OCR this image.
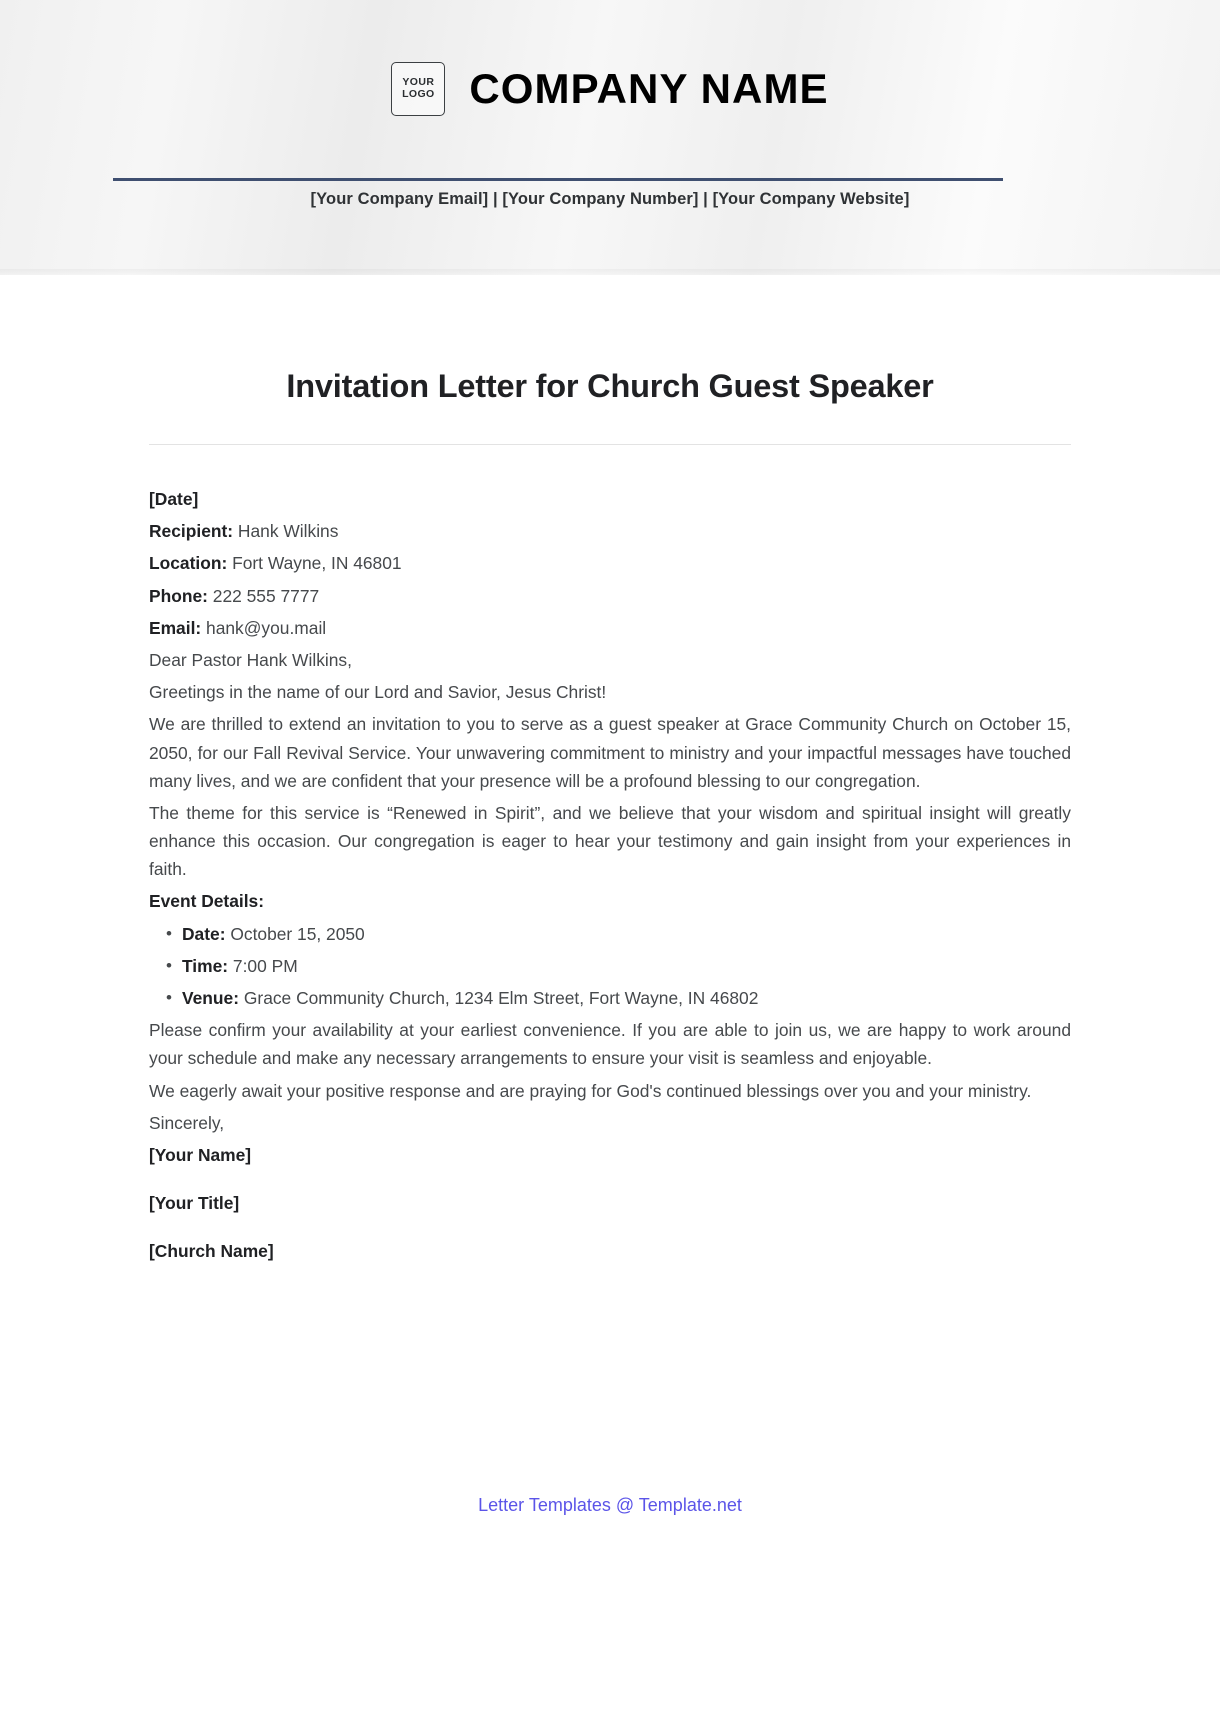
YOUR
LOGO COMPANY NAME
[Your Company Email] | [Your Company Number] | [Your Company Website]
Invitation Letter for Church Guest Speaker
[Date]
Recipient: Hank Wilkins
Location: Fort Wayne, IN 46801
Phone: 222 555 7777
Email: hank@you.mail

Dear Pastor Hank Wilkins,

Greetings in the name of our Lord and Savior, Jesus Christ!

We are thrilled to extend an invitation to you to serve as a guest speaker at Grace Community Church on October 15, 2050, for our Fall Revival Service. Your unwavering commitment to ministry and your impactful messages have touched many lives, and we are confident that your presence will be a profound blessing to our congregation.

The theme for this service is “Renewed in Spirit”, and we believe that your wisdom and spiritual insight will greatly enhance this occasion. Our congregation is eager to hear your testimony and gain insight from your experiences in faith.

Event Details:
• Date: October 15, 2050
• Time: 7:00 PM
• Venue: Grace Community Church, 1234 Elm Street, Fort Wayne, IN 46802

Please confirm your availability at your earliest convenience. If you are able to join us, we are happy to work around your schedule and make any necessary arrangements to ensure your visit is seamless and enjoyable.

We eagerly await your positive response and are praying for God's continued blessings over you and your ministry.

Sincerely,

[Your Name]
[Your Title]
[Church Name]
Letter Templates @ Template.net
